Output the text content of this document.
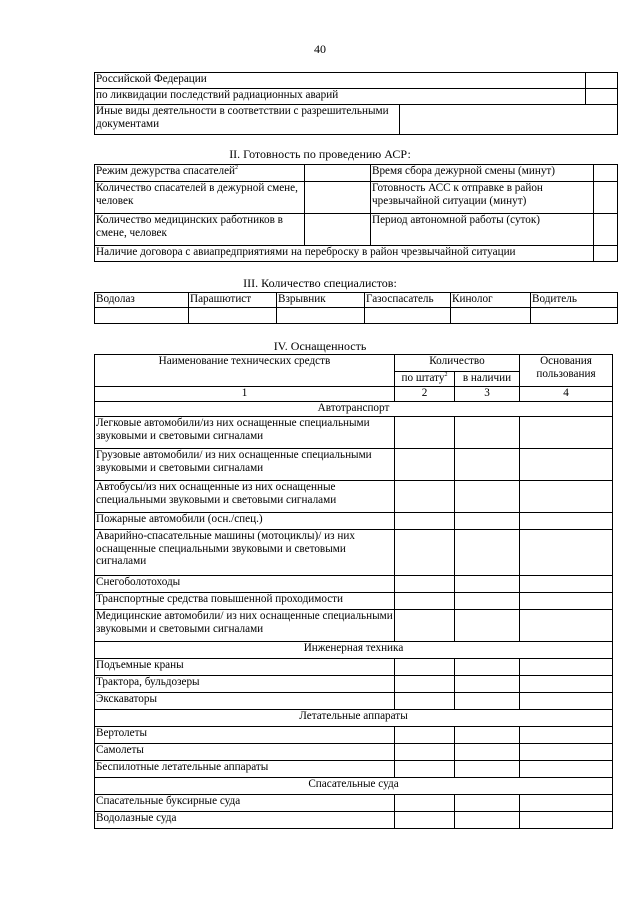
40
Российской Федерации		
по ликвидации последствий радиационных аварий		
Иные виды деятельности в соответствии с разрешительными документами		
II. Готовность по проведению АСР:
Режим дежурства спасателей$^2$		Время сбора дежурной смены (минут)	
Количество спасателей в дежурной смене, человек		Готовность АСС к отправке в район чрезвычайной ситуации (минут)	
Количество медицинских работников в смене, человек		Период автономной работы (суток)	
Наличие договора с авиапредприятиями на переброску в район чрезвычайной ситуации			
III. Количество специалистов:
Водолаз	Парашютист	Взрывник	Газоспасатель	Кинолог	Водитель

IV. Оснащенность
Наименование технических средств	Количество		Основания пользования
	по штату$^2$	в наличии	
1	2	3	4
Автотранспорт			
Легковые автомобили/из них оснащенные специальными звуковыми и световыми сигналами			
Грузовые автомобили/ из них оснащенные специальными звуковыми и световыми сигналами			
Автобусы/из них оснащенные из них оснащенные специальными звуковыми и световыми сигналами			
Пожарные автомобили (осн./спец.)			
Аварийно-спасательные машины (мотоциклы)/ из них оснащенные специальными звуковыми и световыми сигналами			
Снегоболотоходы			
Транспортные средства повышенной проходимости			
Медицинские автомобили/ из них оснащенные специальными звуковыми и световыми сигналами			
Инженерная техника			
Подъемные краны			
Трактора, бульдозеры			
Экскаваторы			
Летательные аппараты			
Вертолеты			
Самолеты			
Беспилотные летательные аппараты			
Спасательные суда			
Спасательные буксирные суда			
Водолазные суда			
